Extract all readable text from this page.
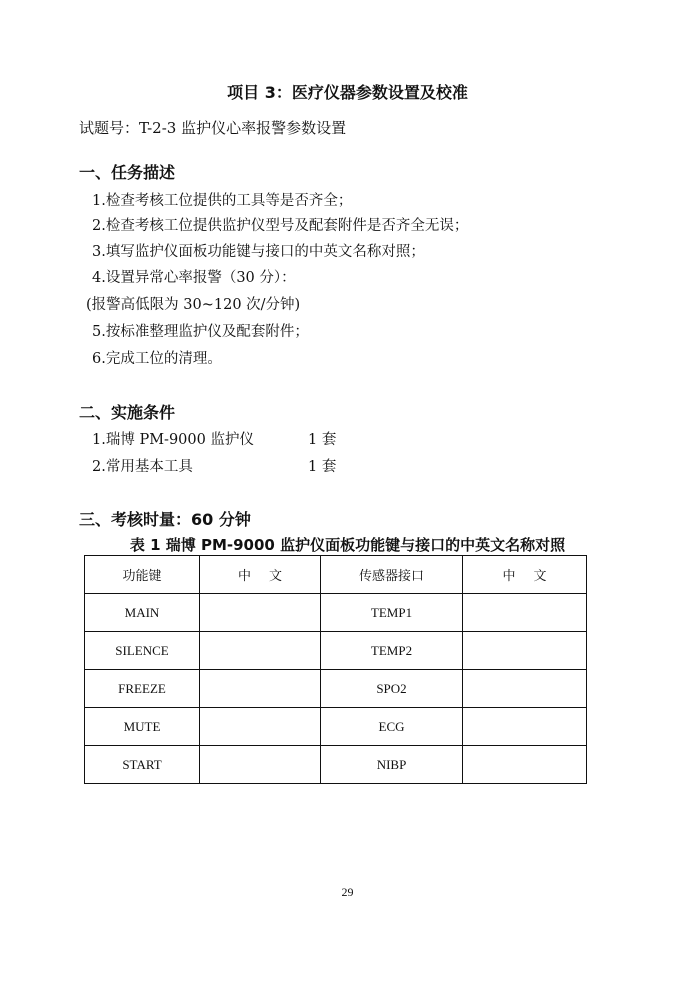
项目 3：医疗仪器参数设置及校准
试题号：T-2-3 监护仪心率报警参数设置
一、任务描述
1.检查考核工位提供的工具等是否齐全；
2.检查考核工位提供监护仪型号及配套附件是否齐全无误；
3.填写监护仪面板功能键与接口的中英文名称对照；
4.设置异常心率报警（30 分）：
(报警高低限为 30~120 次/分钟)
5.按标准整理监护仪及配套附件；
6.完成工位的清理。
二、实施条件
1.瑞博 PM-9000 监护仪	1 套
2.常用基本工具	1 套
三、考核时量：60 分钟
表 1 瑞博 PM-9000 监护仪面板功能键与接口的中英文名称对照
功能键	中文	传感器接口	中文
MAIN		TEMP1	
SILENCE		TEMP2	
FREEZE		SPO2	
MUTE		ECG	
START		NIBP	
29
